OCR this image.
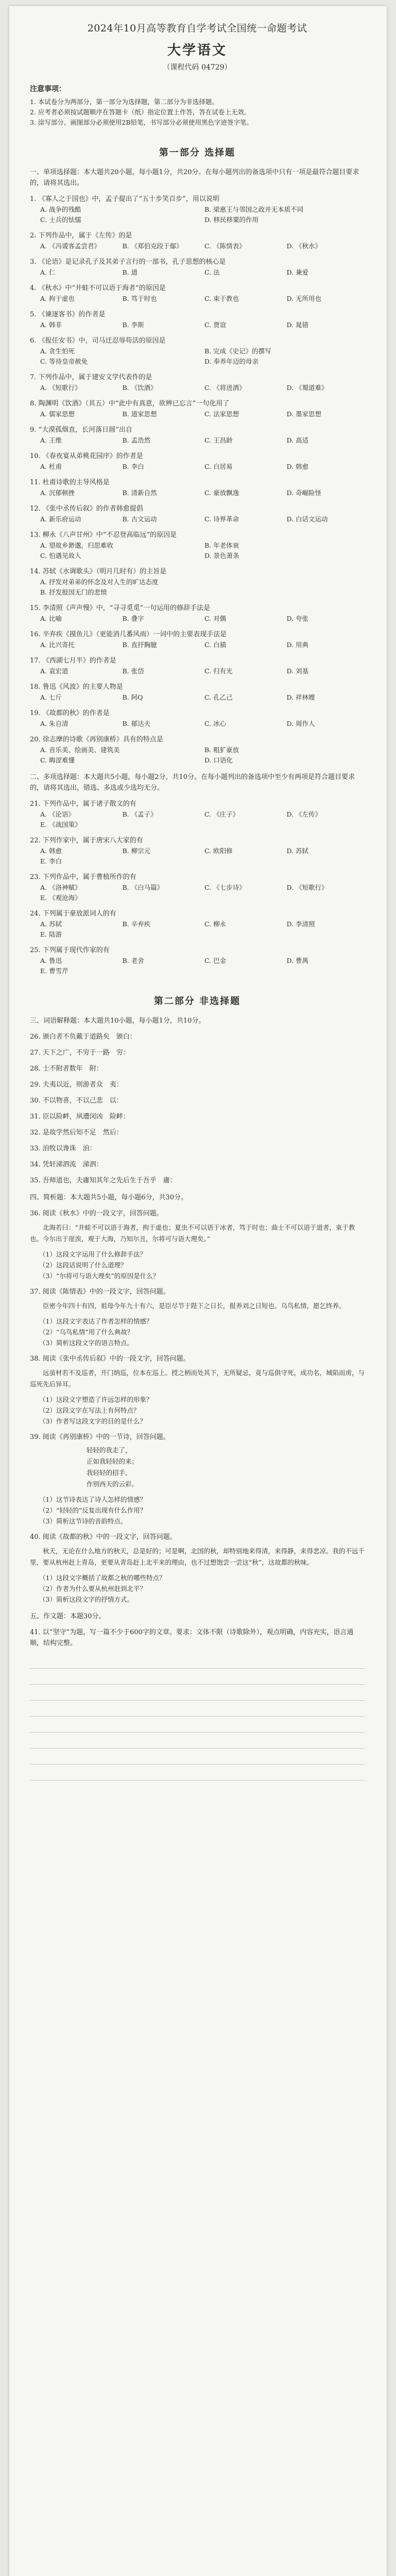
2024年10月高等教育自学考试全国统一命题考试
大学语文
（课程代码 04729）
注意事项：
1. 本试卷分为两部分，第一部分为选择题，第二部分为非选择题。
2. 应考者必须按试题顺序在答题卡（纸）指定位置上作答，答在试卷上无效。
3. 涂写部分、画图部分必须使用2B铅笔，书写部分必须使用黑色字迹签字笔。
第一部分 选择题
一、单项选择题：本大题共20小题，每小题1分，共20分。在每小题列出的备选项中只有一项是最符合题目要求的，请将其选出。
1. 《寡人之于国也》中，孟子提出了“五十步笑百步”，用以说明
A. 战争的残酷	B. 梁惠王与邻国之政并无本质不同
C. 士兵的怯懦	D. 移民移粟的作用
2. 下列作品中，属于《左传》的是
A. 《冯谖客孟尝君》	B. 《郑伯克段于鄢》	C. 《陈情表》	D. 《秋水》
3. 《论语》是记录孔子及其弟子言行的一部书，孔子思想的核心是
A. 仁	B. 道	C. 法	D. 兼爱
4. 《秋水》中“井蛙不可以语于海者”的原因是
A. 拘于虚也	B. 笃于时也	C. 束于教也	D. 无所用也
5. 《谏逐客书》的作者是
A. 韩非	B. 李斯	C. 贾谊	D. 晁错
6. 《报任安书》中，司马迁忍辱苟活的原因是
A. 贪生怕死	B. 完成《史记》的撰写
C. 等待皇帝赦免	D. 奉养年迈的母亲
7. 下列作品中，属于建安文学代表作的是
A. 《短歌行》	B. 《饮酒》	C. 《将进酒》	D. 《蜀道难》
8. 陶渊明《饮酒》（其五）中“此中有真意，欲辨已忘言”一句化用了
A. 儒家思想	B. 道家思想	C. 法家思想	D. 墨家思想
9. “大漠孤烟直，长河落日圆”出自
A. 王维	B. 孟浩然	C. 王昌龄	D. 高适
10. 《春夜宴从弟桃花园序》的作者是
A. 杜甫	B. 李白	C. 白居易	D. 韩愈
11. 杜甫诗歌的主导风格是
A. 沉郁顿挫	B. 清新自然	C. 豪放飘逸	D. 奇崛险怪
12. 《张中丞传后叙》的作者韩愈提倡
A. 新乐府运动	B. 古文运动	C. 诗界革命	D. 白话文运动
13. 柳永《八声甘州》中“不忍登高临远”的原因是
A. 望故乡渺邈，归思难收	B. 年老体衰
C. 怕遇见故人	D. 景色萧条
14. 苏轼《水调歌头》（明月几时有）的主旨是
A. 抒发对弟弟的怀念及对人生的旷达态度
B. 抒发报国无门的悲愤
15. 李清照《声声慢》中，“寻寻觅觅”一句运用的修辞手法是
A. 比喻	B. 叠字	C. 对偶	D. 夸张
16. 辛弃疾《摸鱼儿》（更能消几番风雨）一词中的主要表现手法是
A. 比兴寄托	B. 直抒胸臆	C. 白描	D. 用典
17. 《西湖七月半》的作者是
A. 袁宏道	B. 张岱	C. 归有光	D. 刘基
18. 鲁迅《风波》的主要人物是
A. 七斤	B. 阿Q	C. 孔乙己	D. 祥林嫂
19. 《故都的秋》的作者是
A. 朱自清	B. 郁达夫	C. 冰心	D. 周作人
20. 徐志摩的诗歌《再别康桥》具有的特点是
A. 音乐美、绘画美、建筑美	B. 粗犷豪放
C. 晦涩难懂	D. 口语化
二、多项选择题：本大题共5小题，每小题2分，共10分。在每小题列出的备选项中至少有两项是符合题目要求的，请将其选出，错选、多选或少选均无分。
21. 下列作品中，属于诸子散文的有
A. 《论语》	B. 《孟子》	C. 《庄子》	D. 《左传》
E. 《战国策》
22. 下列作家中，属于唐宋八大家的有
A. 韩愈	B. 柳宗元	C. 欧阳修	D. 苏轼
E. 李白
23. 下列作品中，属于曹植所作的有
A. 《洛神赋》	B. 《白马篇》	C. 《七步诗》	D. 《短歌行》
E. 《观沧海》
24. 下列属于豪放派词人的有
A. 苏轼	B. 辛弃疾	C. 柳永	D. 李清照
E. 陆游
25. 下列属于现代作家的有
A. 鲁迅	B. 老舍	C. 巴金	D. 曹禺
E. 曹雪芹
第二部分 非选择题
三、词语解释题：本大题共10小题，每小题1分，共10分。
26. 颁白者不负戴于道路矣　颁白：
27. 天下之广，不穷于一路　穷：
28. 士不附者数年　附：
29. 夫夷以近，则游者众　夷：
30. 不以物喜，不以己悲　以：
31. 臣以险衅，夙遭闵凶　险衅：
32. 是故学然后知不足　然后：
33. 洎牧以谗诛　洎：
34. 凭轩涕泗流　涕泗：
35. 吾师道也，夫庸知其年之先后生于吾乎　庸：
四、简析题：本大题共5小题，每小题6分，共30分。
36. 阅读《秋水》中的一段文字，回答问题。
北海若曰：“井蛙不可以语于海者，拘于虚也；夏虫不可以语于冰者，笃于时也；曲士不可以语于道者，束于教也。今尔出于崖涘，观于大海，乃知尔丑，尔将可与语大理矣。”
（1）这段文字运用了什么修辞手法？
（2）这段话说明了什么道理？
（3）“尔将可与语大理矣”的原因是什么？
37. 阅读《陈情表》中的一段文字，回答问题。
臣密今年四十有四，祖母今年九十有六，是臣尽节于陛下之日长，报养刘之日短也。乌鸟私情，愿乞终养。
（1）这段文字表达了作者怎样的情感？
（2）“乌鸟私情”用了什么典故？
（3）简析这段文字的语言特点。
38. 阅读《张中丞传后叙》中的一段文字，回答问题。
远虽材若不及巡者，开门纳巡，位本在巡上。授之柄而处其下，无所疑忌，竟与巡俱守死，成功名，城陷而虏，与巡死先后异耳。
（1）这段文字塑造了许远怎样的形象？
（2）这段文字在写法上有何特点？
（3）作者写这段文字的目的是什么？
39. 阅读《再别康桥》中的一节诗，回答问题。
轻轻的我走了，
正如我轻轻的来；
我轻轻的招手，
作别西天的云彩。
（1）这节诗表达了诗人怎样的情感？
（2）“轻轻的”反复出现有什么作用？
（3）简析这节诗的音韵特点。
40. 阅读《故都的秋》中的一段文字，回答问题。
秋天，无论在什么地方的秋天，总是好的；可是啊，北国的秋，却特别地来得清，来得静，来得悲凉。我的不远千里，要从杭州赶上青岛，更要从青岛赶上北平来的理由，也不过想饱尝一尝这“秋”，这故都的秋味。
（1）这段文字概括了故都之秋的哪些特点？
（2）作者为什么要从杭州赶到北平？
（3）简析这段文字的抒情方式。
五、作文题：本题30分。
41. 以“坚守”为题，写一篇不少于600字的文章。要求：文体不限（诗歌除外），观点明确，内容充实，语言通顺，结构完整。
